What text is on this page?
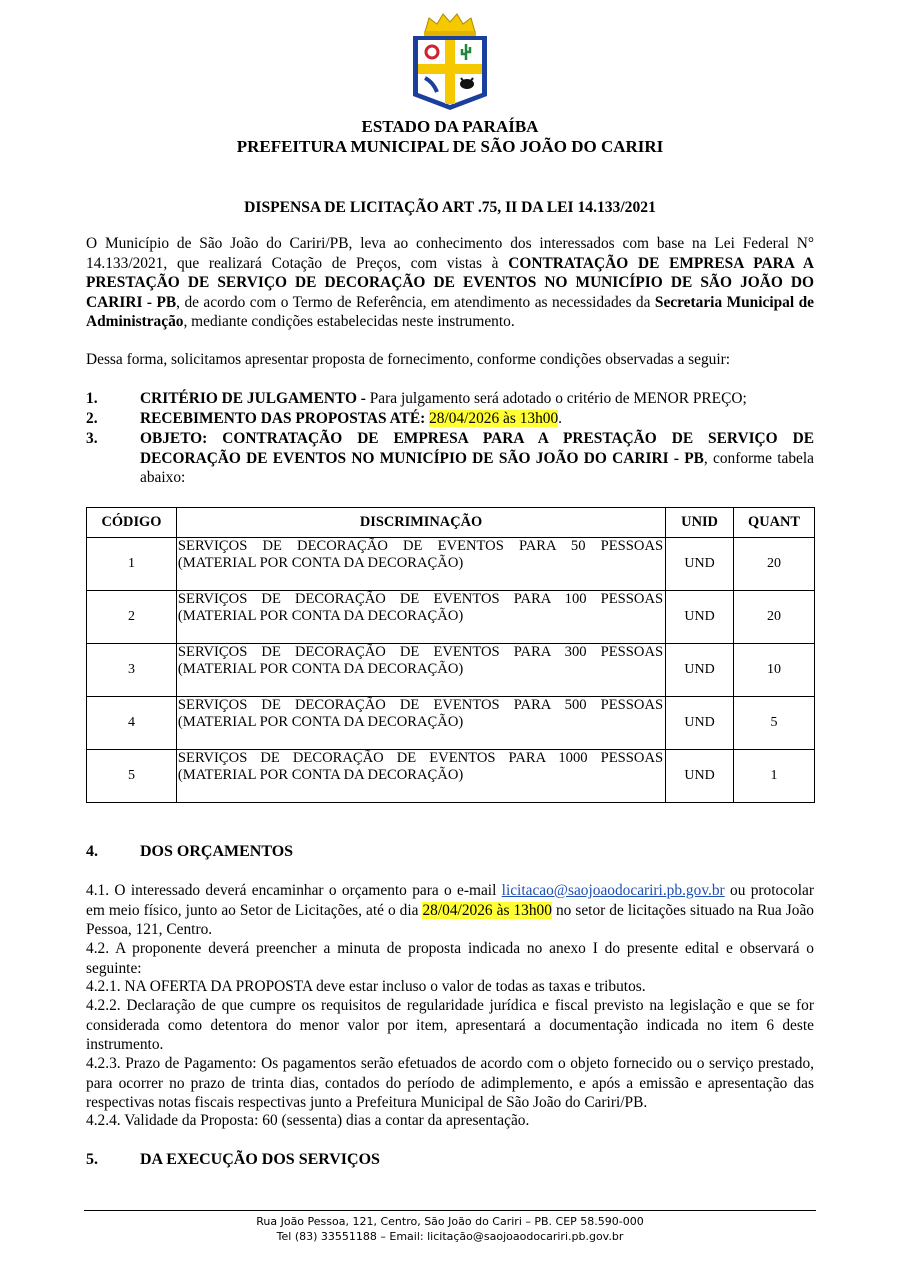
ESTADO DA PARAÍBA
PREFEITURA MUNICIPAL DE SÃO JOÃO DO CARIRI
DISPENSA DE LICITAÇÃO ART .75, II DA LEI 14.133/2021
O Município de São João do Cariri/PB, leva ao conhecimento dos interessados com base na Lei Federal N° 14.133/2021, que realizará Cotação de Preços, com vistas à CONTRATAÇÃO DE EMPRESA PARA A PRESTAÇÃO DE SERVIÇO DE DECORAÇÃO DE EVENTOS NO MUNICÍPIO DE SÃO JOÃO DO CARIRI - PB, de acordo com o Termo de Referência, em atendimento as necessidades da Secretaria Municipal de Administração, mediante condições estabelecidas neste instrumento.
Dessa forma, solicitamos apresentar proposta de fornecimento, conforme condições observadas a seguir:
1.	CRITÉRIO DE JULGAMENTO - Para julgamento será adotado o critério de MENOR PREÇO;
2.	RECEBIMENTO DAS PROPOSTAS ATÉ: 28/04/2026 às 13h00.
3.	OBJETO: CONTRATAÇÃO DE EMPRESA PARA A PRESTAÇÃO DE SERVIÇO DE DECORAÇÃO DE EVENTOS NO MUNICÍPIO DE SÃO JOÃO DO CARIRI - PB, conforme tabela abaixo:
CÓDIGO	DISCRIMINAÇÃO	UNID	QUANT
1	SERVIÇOS DE DECORAÇÃO DE EVENTOS PARA 50 PESSOAS
(MATERIAL POR CONTA DA DECORAÇÃO)	UND	20
2	SERVIÇOS DE DECORAÇÃO DE EVENTOS PARA 100 PESSOAS
(MATERIAL POR CONTA DA DECORAÇÃO)	UND	20
3	SERVIÇOS DE DECORAÇÃO DE EVENTOS PARA 300 PESSOAS
(MATERIAL POR CONTA DA DECORAÇÃO)	UND	10
4	SERVIÇOS DE DECORAÇÃO DE EVENTOS PARA 500 PESSOAS
(MATERIAL POR CONTA DA DECORAÇÃO)	UND	5
5	SERVIÇOS DE DECORAÇÃO DE EVENTOS PARA 1000 PESSOAS
(MATERIAL POR CONTA DA DECORAÇÃO)	UND	1
4.	DOS ORÇAMENTOS
4.1. O interessado deverá encaminhar o orçamento para o e-mail licitacao@saojoaodocariri.pb.gov.br ou protocolar em meio físico, junto ao Setor de Licitações, até o dia 28/04/2026 às 13h00 no setor de licitações situado na Rua João Pessoa, 121, Centro.
4.2. A proponente deverá preencher a minuta de proposta indicada no anexo I do presente edital e observará o seguinte:
4.2.1. NA OFERTA DA PROPOSTA deve estar incluso o valor de todas as taxas e tributos.
4.2.2. Declaração de que cumpre os requisitos de regularidade jurídica e fiscal previsto na legislação e que se for considerada como detentora do menor valor por item, apresentará a documentação indicada no item 6 deste instrumento.
4.2.3. Prazo de Pagamento: Os pagamentos serão efetuados de acordo com o objeto fornecido ou o serviço prestado, para ocorrer no prazo de trinta dias, contados do período de adimplemento, e após a emissão e apresentação das respectivas notas fiscais respectivas junto a Prefeitura Municipal de São João do Cariri/PB.
4.2.4. Validade da Proposta: 60 (sessenta) dias a contar da apresentação.
5.	DA EXECUÇÃO DOS SERVIÇOS
Rua João Pessoa, 121, Centro, São João do Cariri – PB. CEP 58.590-000
Tel (83) 33551188 – Email: licitação@saojoaodocariri.pb.gov.br
